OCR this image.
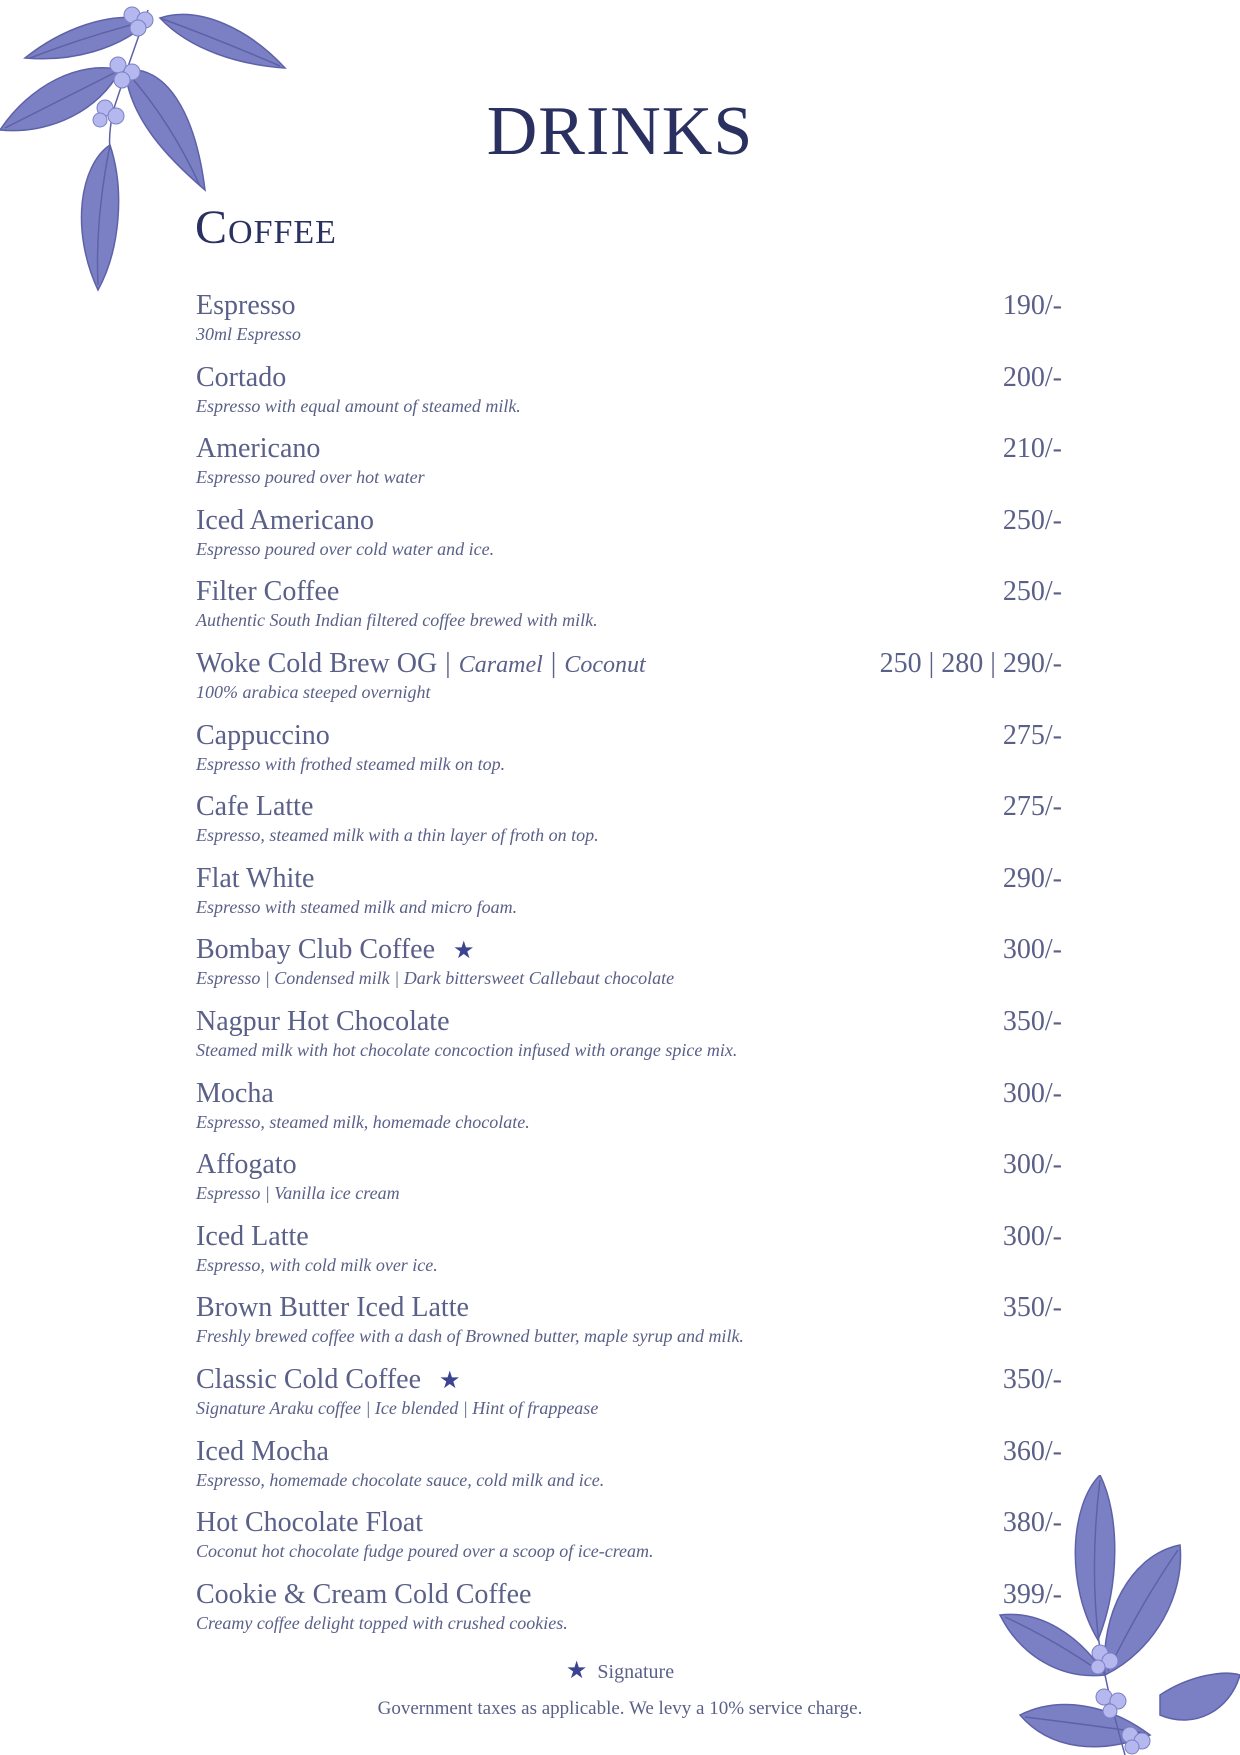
DRINKS
Coffee
Espresso	190/-
30ml Espresso
Cortado	200/-
Espresso with equal amount of steamed milk.
Americano	210/-
Espresso poured over hot water
Iced Americano	250/-
Espresso poured over cold water and ice.
Filter Coffee	250/-
Authentic South Indian filtered coffee brewed with milk.
Woke Cold Brew OG | Caramel | Coconut	250 | 280 | 290/-
100% arabica steeped overnight
Cappuccino	275/-
Espresso with frothed steamed milk on top.
Cafe Latte	275/-
Espresso, steamed milk with a thin layer of froth on top.
Flat White	290/-
Espresso with steamed milk and micro foam.
Bombay Club Coffee ★	300/-
Espresso | Condensed milk | Dark bittersweet Callebaut chocolate
Nagpur Hot Chocolate	350/-
Steamed milk with hot chocolate concoction infused with orange spice mix.
Mocha	300/-
Espresso, steamed milk, homemade chocolate.
Affogato	300/-
Espresso | Vanilla ice cream
Iced Latte	300/-
Espresso, with cold milk over ice.
Brown Butter Iced Latte	350/-
Freshly brewed coffee with a dash of Browned butter, maple syrup and milk.
Classic Cold Coffee ★	350/-
Signature Araku coffee | Ice blended | Hint of frappease
Iced Mocha	360/-
Espresso, homemade chocolate sauce, cold milk and ice.
Hot Chocolate Float	380/-
Coconut hot chocolate fudge poured over a scoop of ice-cream.
Cookie & Cream Cold Coffee	399/-
Creamy coffee delight topped with crushed cookies.
★ Signature
Government taxes as applicable. We levy a 10% service charge.
